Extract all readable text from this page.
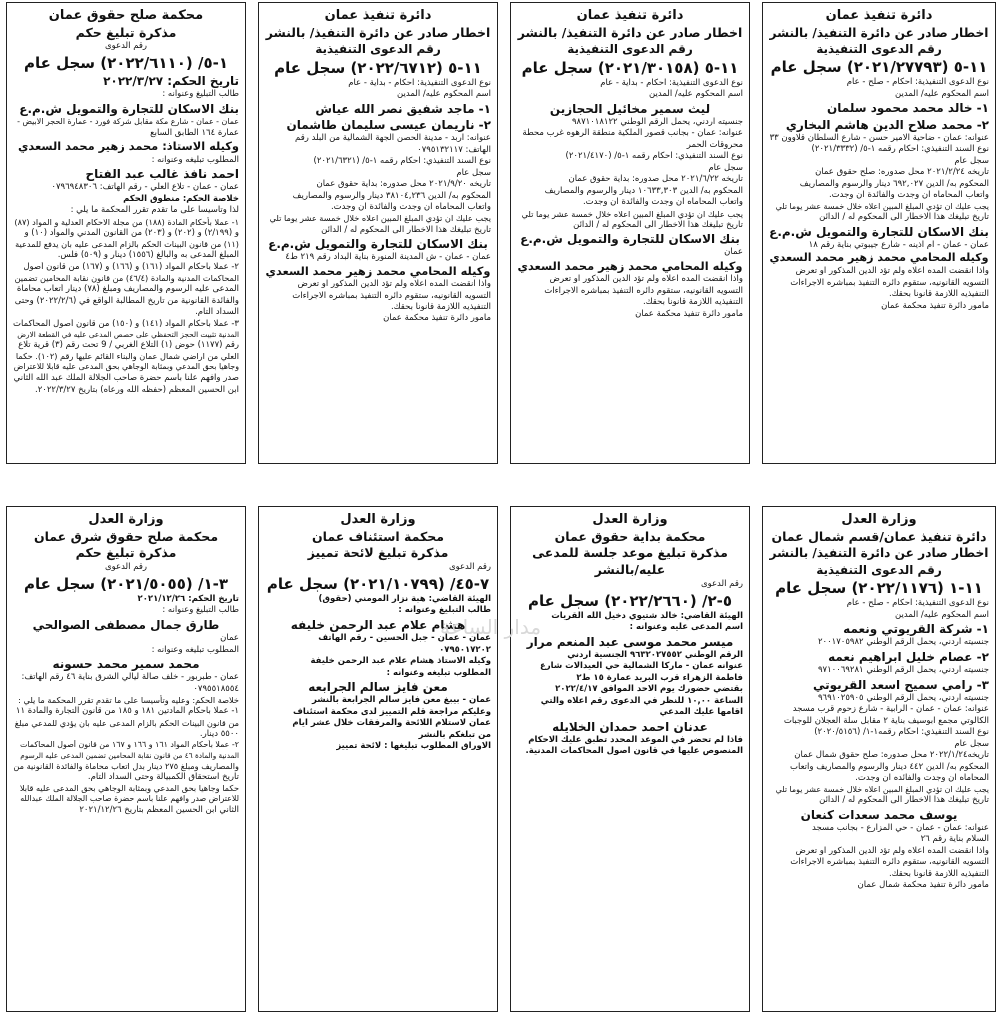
محكمة صلح حقوق عمان
مذكرة تبليغ حكم
رقم الدعوى
١-٥/ (٢٠٢٢/٦١١٠) سجل عام
تاريخ الحكم: ٢٠٢٢/٣/٢٧
طالب التبليغ وعنوانه :
بنك الاسكان للتجارة والتمويل ش.م.ع
عمان - عمان - شارع مكة مقابل شركة فورد - عمارة الحجر الابيض -
عمارة ١٦٤ الطابق السابع
وكيله الاستاذ: محمد زهير محمد السعدي
المطلوب تبليغه وعنوانه :
احمد نافذ غالب عبد الفتاح
عمان - عمان - تلاع العلي - رقم الهاتف: ٠٧٩٦٩٤٨٣٠٦
خلاصة الحكم: منطوق الحكم
لذا وتأسيسا على ما تقدم تقرر المحكمة ما يلي :
١- عملا بأحكام المادة (١٨٨) من مجلة الاحكام العدلية و المواد (٨٧)
و (٢/١٩٩) و (٢٠٢) و (٢٠٣) من القانون المدني والمواد (١٠) و
(١١) من قانون البينات الحكم بالزام المدعى عليه بان يدفع للمدعية
المبلغ المدعى به والبالغ (١٥٥٦) دينار و (٥٠٩) فلس.
٢- عملا بأحكام المواد (١٦١) و (١٦٦) و (١٦٧) من قانون أصول
المحاكمات المدنية والمادة (٤٦/٤) من قانون نقابة المحامين تضمين
المدعى عليه الرسوم والمصاريف ومبلغ (٧٨) دينار أتعاب محاماة
والفائدة القانونية من تاريخ المطالبة الواقع في (٢٠٢٢/٢/٦) وحتى
السداد التام.
٣- عملا بأحكام المواد (١٤١) و (١٥٠) من قانون أصول المحاكمات
المدنية تثبيت الحجز التحفظي على حصص المدعى عليه في القطعة الارض
رقم (١١٧٧) حوض (١) التلاع الغربي / 9 تحت رقم (٣) قرية تلاع
العلي من اراضي شمال عمان والبناء القائم عليها رقم (١٠٢). حكما
وجاهيا بحق المدعي وبمثابة الوجاهي بحق المدعى عليه قابلا للاعتراض
صدر وافهم علنا باسم حضرة صاحب الجلالة الملك عبد الله الثاني
ابن الحسين المعظم (حفظه الله ورعاه) بتاريخ ٢٠٢٢/٣/٢٧.
دائرة تنفيذ عمان
اخطار صادر عن دائرة التنفيذ/ بالنشر
رقم الدعوى التنفيذية
١١-٥ (٢٠٢٢/٦٧١٢) سجل عام
نوع الدعوى التنفيذية: احكام - بداية - عام
اسم المحكوم عليه/ المدين
١- ماجد شفيق نصر الله عياش
٢- ناريمان عيسى سليمان طاشمان
عنوانه: اربد - مدينة الحصن الجهة الشمالية من البلد رقم
الهاتف: ٠٧٩٥١٣٢١١٧
نوع السند التنفيذي: احكام رقمه ١-٥/ (٢٠٢١/٦٣٢١)
سجل عام
تاريخه ٢٠٢١/٩/٢٠ محل صدوره: بداية حقوق عمان
المحكوم به/ الدين ٣٨١٠٤,٢٣٦ دينار والرسوم والمصاريف
واتعاب المحاماه ان وجدت والفائدة ان وجدت.
يجب عليك ان تؤدي المبلغ المبين اعلاه خلال خمسة عشر يوما تلي
تاريخ تبليغك هذا الاخطار الى المحكوم له / الدائن
بنك الاسكان للتجارة والتمويل ش.م.ع
عمان - عمان - ش المدينة المنورة بناية البداد رقم ٢١٩ ط٤
وكيله المحامي محمد زهير محمد السعدي
واذا انقضت المده اعلاه ولم تؤد الدين المذكور او تعرض
التسويه القانونيه، ستقوم دائره التنفيذ بمباشره الاجراءات
التنفيذيه اللازمة قانونا بحقك.
مأمور دائرة تنفيذ محكمة عمان
دائرة تنفيذ عمان
اخطار صادر عن دائرة التنفيذ/ بالنشر
رقم الدعوى التنفيذية
١١-٥ (٢٠٢١/٣٠١٥٨) سجل عام
نوع الدعوى التنفيذية: احكام - بداية - عام
اسم المحكوم عليه/ المدين
ليث سمير مخائيل الحجازين
جنسيته اردني، يحمل الرقم الوطني ٩٨٧١٠١٨١٢٢
عنوانه: عمان - بجانب قصور الملكية منطقة الرهوه غرب محطة
محروقات الحمر
نوع السند التنفيذي: احكام رقمه ١-٥/ (٢٠٢١/٤١٧٠)
سجل عام
تاريخه ٢٠٢١/٦/٢٢ محل صدوره: بداية حقوق عمان
المحكوم به/ الدين ١٠٦٣٣,٣٠٣ دينار والرسوم والمصاريف
واتعاب المحاماه ان وجدت والفائدة ان وجدت.
يجب عليك ان تؤدي المبلغ المبين اعلاه خلال خمسة عشر يوما تلي
تاريخ تبليغك هذا الاخطار الى المحكوم له / الدائن
بنك الاسكان للتجارة والتمويل ش.م.ع
عمان
وكيله المحامي محمد زهير محمد السعدي
واذا انقضت المده اعلاه ولم تؤد الدين المذكور او تعرض
التسويه القانونيه، ستقوم دائره التنفيذ بمباشره الاجراءات
التنفيذيه اللازمة قانونا بحقك.
مأمور دائرة تنفيذ محكمة عمان
دائرة تنفيذ عمان
اخطار صادر عن دائرة التنفيذ/ بالنشر
رقم الدعوى التنفيذية
١١-٥ (٢٠٢١/٢٧٧٩٣) سجل عام
نوع الدعوى التنفيذية: احكام - صلح - عام
اسم المحكوم عليه/ المدين
١- خالد محمد محمود سلمان
٢- محمد صلاح الدين هاشم البخاري
عنوانه: عمان - ضاحية الامير حسن - شارع السلطان قلاوون ٣٣
نوع السند التنفيذي: احكام رقمه ١-٥/ (٢٠٢١/٣٣٣٢)
سجل عام
تاريخه ٢٠٢١/٢/٢٤ محل صدوره: صلح حقوق عمان
المحكوم به/ الدين ٦٩٢,٠٢٧ دينار والرسوم والمصاريف
واتعاب المحاماه ان وجدت والفائدة ان وجدت.
يجب عليك ان تؤدي المبلغ المبين اعلاه خلال خمسة عشر يوما تلي
تاريخ تبليغك هذا الاخطار الى المحكوم له / الدائن
بنك الاسكان للتجارة والتمويل ش.م.ع
عمان - عمان - ام اذينه - شارع جيبوتي بناية رقم ١٨
وكيله المحامي محمد زهير محمد السعدي
واذا انقضت المده اعلاه ولم تؤد الدين المذكور او تعرض
التسويه القانونيه، ستقوم دائره التنفيذ بمباشره الاجراءات
التنفيذيه اللازمة قانونا بحقك.
مأمور دائرة تنفيذ محكمة عمان
وزارة العدل
محكمة صلح حقوق شرق عمان
مذكرة تبليغ حكم
رقم الدعوى
٣-١/ (٢٠٢١/٥٠٥٥) سجل عام
تاريخ الحكم: ٢٠٢١/١٢/٢٦
طالب التبليغ وعنوانه :
طارق جمال مصطفى الصوالحي
عمان
المطلوب تبليغه وعنوانه :
محمد سمير محمد حسونه
عمان - طبربور - خلف صالة ليالي الشرق بناية ٤٦ رقم الهاتف:
٠٧٩٥٥١٨٥٥٤
خلاصة الحكم: وعليه وتأسيسا على ما تقدم تقرر المحكمة ما يلي :
١- عملا بأحكام المادتين ١٨١ و ١٨٥ من قانون التجارة والمادة ١١
من قانون البينات الحكم بالزام المدعى عليه بان يؤدي للمدعي مبلغ
٥٥٠٠ دينار.
٢- عملا بأحكام المواد ١٦١ و ١٦٦ و ١٦٧ من قانون أصول المحاكمات
المدنية والمادة ٤٦ من قانون نقابة المحامين تضمين المدعى عليه الرسوم
والمصاريف ومبلغ ٢٧٥ دينار بدل اتعاب محاماة والفائدة القانونية من
تاريخ استحقاق الكمبيالة وحتى السداد التام.
حكما وجاهيا بحق المدعي وبمثابة الوجاهي بحق المدعى عليه قابلا
للاعتراض صدر وافهم علنا باسم حضرة صاحب الجلالة الملك عبدالله
الثاني ابن الحسين المعظم بتاريخ ٢٠٢١/١٢/٢٦
وزارة العدل
محكمة استئناف عمان
مذكرة تبليغ لائحة تمييز
رقم الدعوى
٧-٤٥/ (٢٠٢١/١٠٧٩٩) سجل عام
الهيئة القاضي: هبة نزار المومني (حقوق)
طالب التبليغ وعنوانه :
هشام علام عبد الرحمن خليفه
عمان - عمان - جبل الحسين - رقم الهاتف
٠٧٩٥٠١٧٢٠٢
وكيله الاستاذ هشام علام عبد الرحمن خليفة
المطلوب تبليغه وعنوانه :
معن فايز سالم الجرابعه
عمان - بيبغ معن فايز سالم الجرابعة بالنشر
وعليكم مراجعة قلم التمييز لدى محكمة استئناف
عمان لاستلام اللائحة والمرفقات خلال عشر ايام
من تبلغكم بالنشر
الاوراق المطلوب تبليغها : لائحة تمييز
وزارة العدل
محكمة بداية حقوق عمان
مذكرة تبليغ موعد جلسة للمدعى
عليه/بالنشر
رقم الدعوى
٥-٢/ (٢٠٢٢/٢٦٦٠) سجل عام
الهيئة القاضي: خالد شتيوي دخيل الله القريات
اسم المدعى عليه وعنوانه :
ميسر محمد موسى عبد المنعم مرار
الرقم الوطني ٩٦٣٢٠٢٧٥٥٢ الجنسية اردني
عنوانه عمان - ماركا الشمالية حي العيدالات شارع
فاطمة الزهراء قرب البريد عمارة ١٥ ط٢
بقتضي حضورك يوم الاحد الموافق ٢٠٢٢/٤/١٧
الساعة ١٠,٠٠ للنظر في الدعوى رقم اعلاه والتي
اقامها عليك المدعي
عدنان احمد حمدان الخلايله
فاذا لم تحضر في الموعد المحدد تطبق عليك الاحكام
المنصوص عليها في قانون اصول المحاكمات المدنية.
وزارة العدل
دائرة تنفيذ عمان/قسم شمال عمان
اخطار صادر عن دائرة التنفيذ/ بالنشر
رقم الدعوى التنفيذية
١١-١ (٢٠٢٢/١١٧٦) سجل عام
نوع الدعوى التنفيذية: احكام - صلح - عام
اسم المحكوم عليه/ المدين
١- شركة القريوتي ونعمه
جنسيته اردني، يحمل الرقم الوطني ٢٠٠١٧٠٥٩٨٢
٢- عصام خليل ابراهيم نعمه
جنسيته اردني، يحمل الرقم الوطني ٩٧١٠٠٦٩٢٨١
٣- رامي سميح اسعد القريوتي
جنسيته اردني، يحمل الرقم الوطني ٩٦٩١٠٢٥٩٠٥
عنوانه: عمان - عمان - الرابية - شارع زحوم قرب مسجد
الكالوتي مجمع ابوسيف بناية ٢ مقابل سلة العجلان للوجبات
نوع السند التنفيذي: احكام رقمه١-١/ (٢٠٢٠/٥١٥٦)
سجل عام
تاريخه٢٠٢٢/١/٢٤ محل صدوره: صلح حقوق شمال عمان
المحكوم به/ الدين ٤٤٢ دينار والرسوم والمصاريف واتعاب
المحاماه ان وجدت والفائده ان وجدت.
يجب عليك ان تؤدي المبلغ المبين اعلاه خلال خمسة عشر يوما تلي
تاريخ تبليغك هذا الاخطار الى المحكوم له / الدائن
يوسف محمد سعدات كنعان
عنوانه: عمان - عمان - حي المزارع - بجانب مسجد
السلام بناية رقم ٢٦
واذا انقضت المده اعلاه ولم تؤد الدين المذكور او تعرض
التسويه القانونيه، ستقوم دائره التنفيذ بمباشره الاجراءات
التنفيذيه اللازمة قانونا بحقك.
مأمور دائرة تنفيذ محكمة شمال عمان
مدار الساعة
